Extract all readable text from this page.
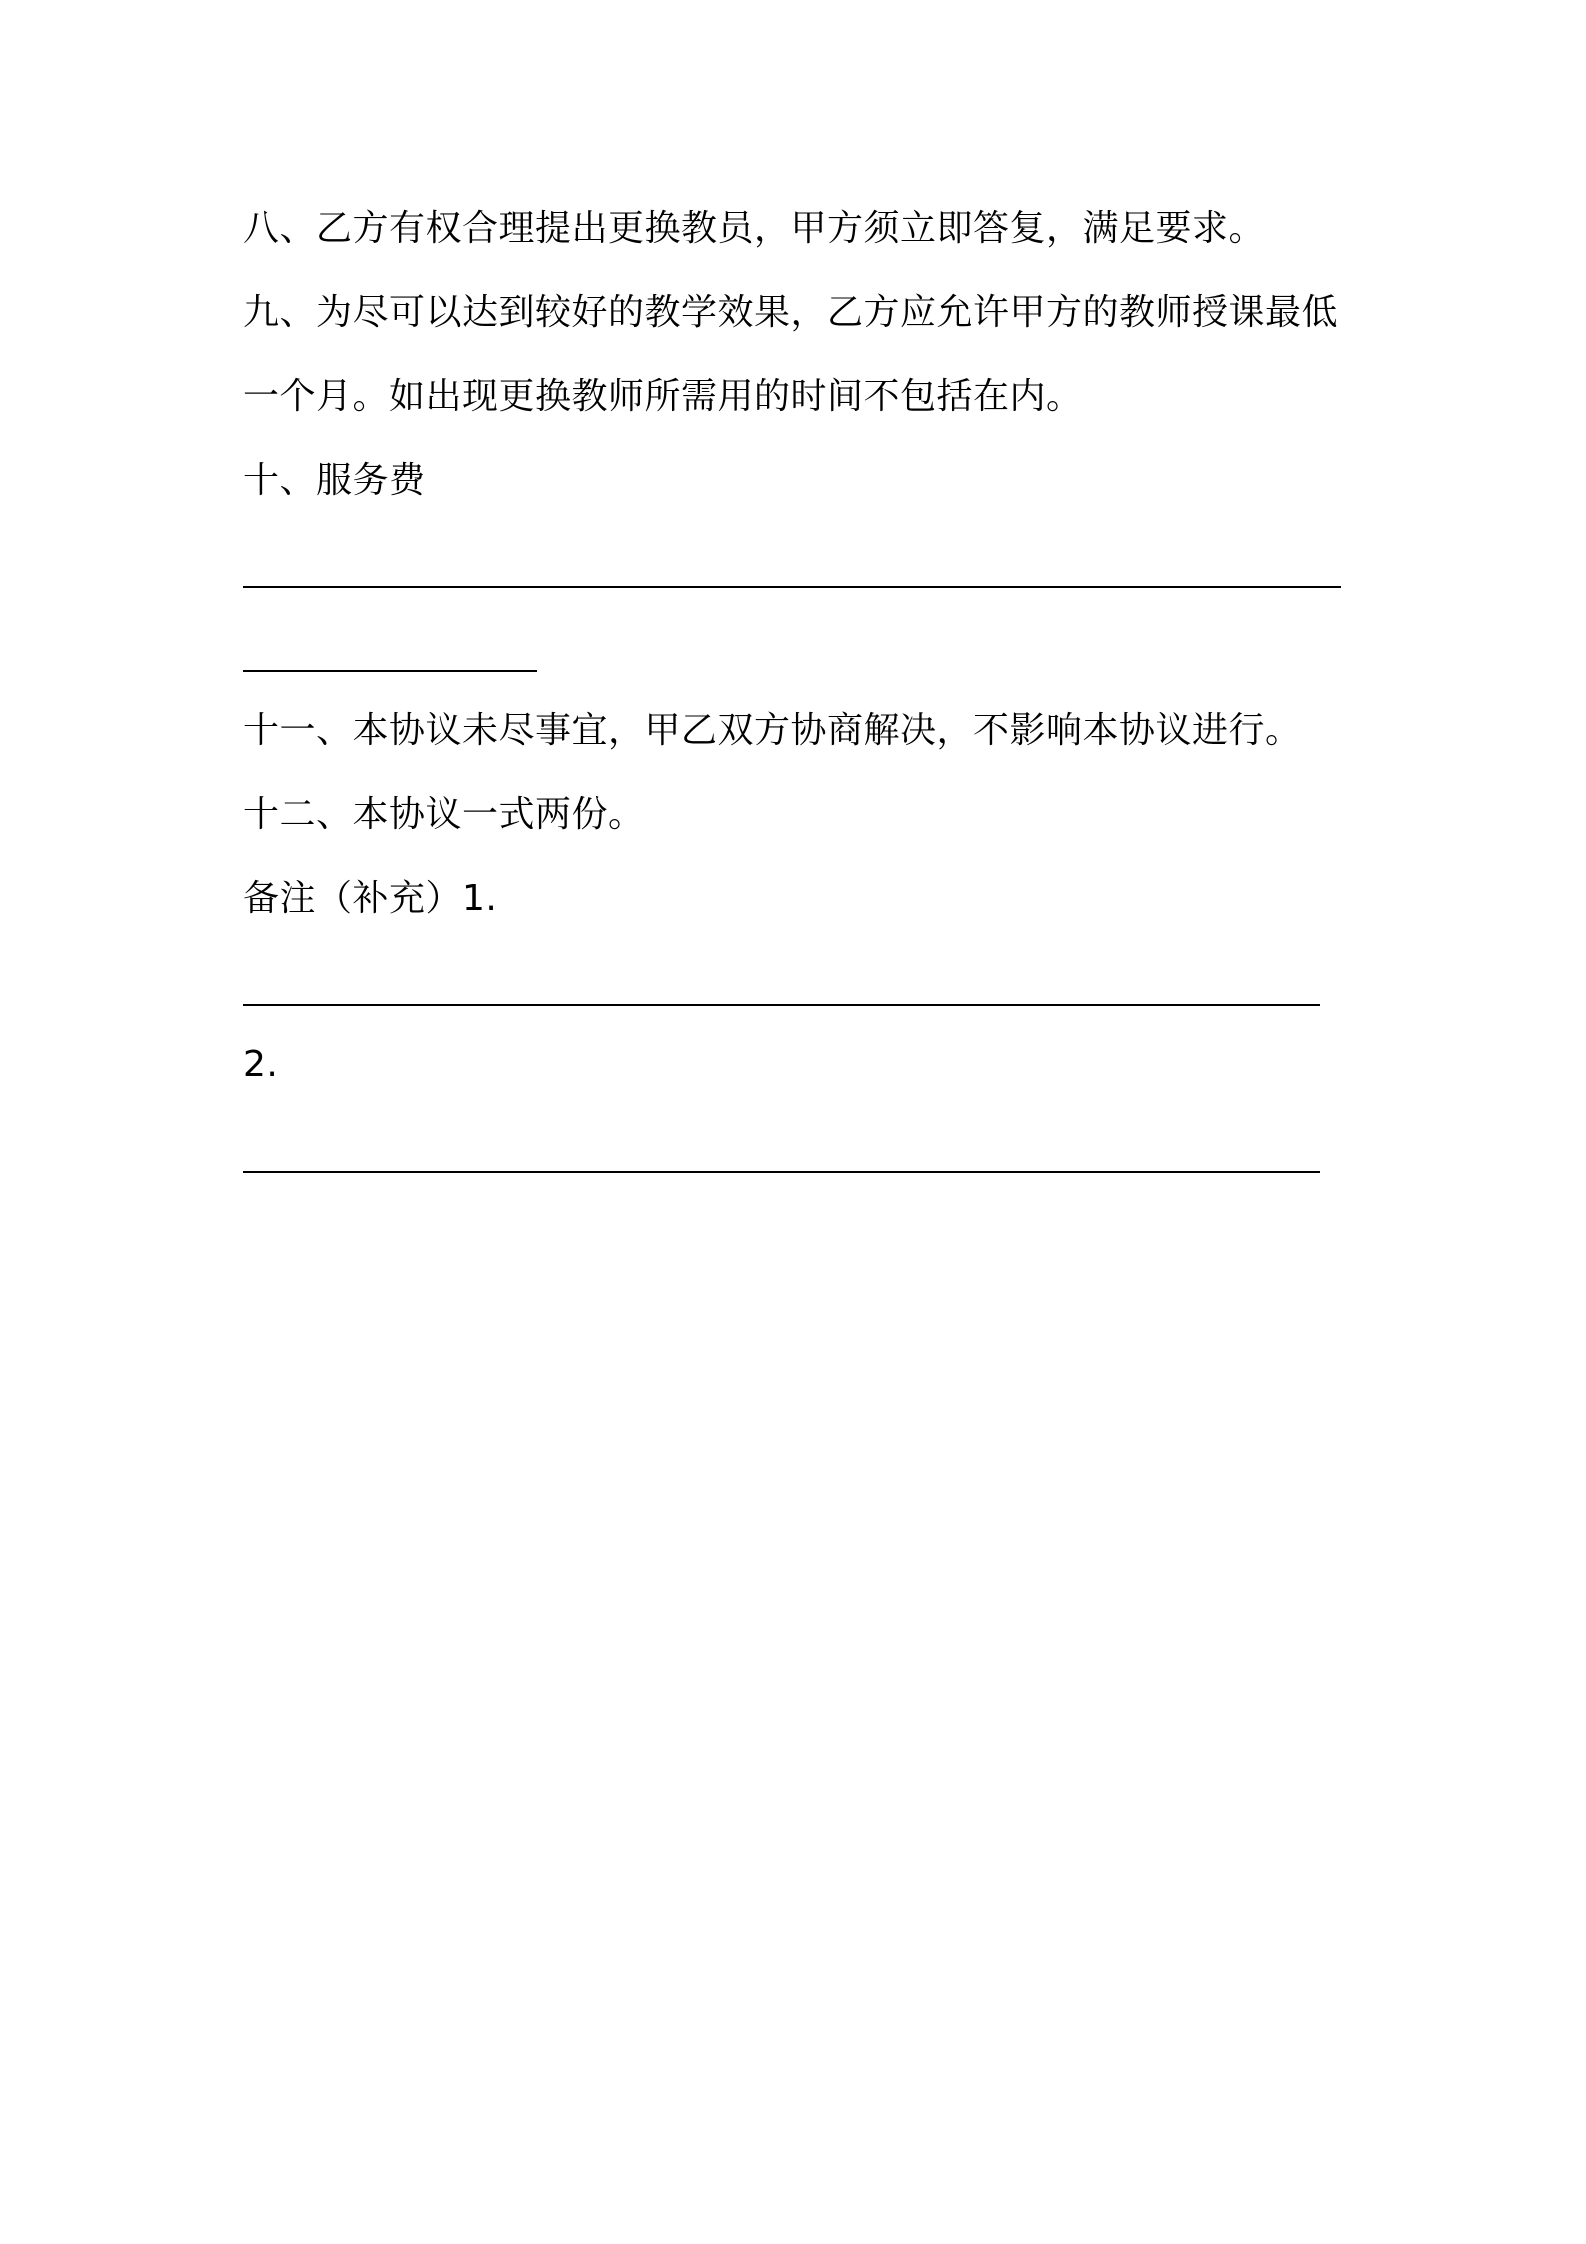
八、乙方有权合理提出更换教员，甲方须立即答复，满足要求。
九、为尽可以达到较好的教学效果，乙方应允许甲方的教师授课最低
一个月。如出现更换教师所需用的时间不包括在内。
十、服务费
十一、本协议未尽事宜，甲乙双方协商解决，不影响本协议进行。
十二、本协议一式两份。
备注（补充）1.
2.
